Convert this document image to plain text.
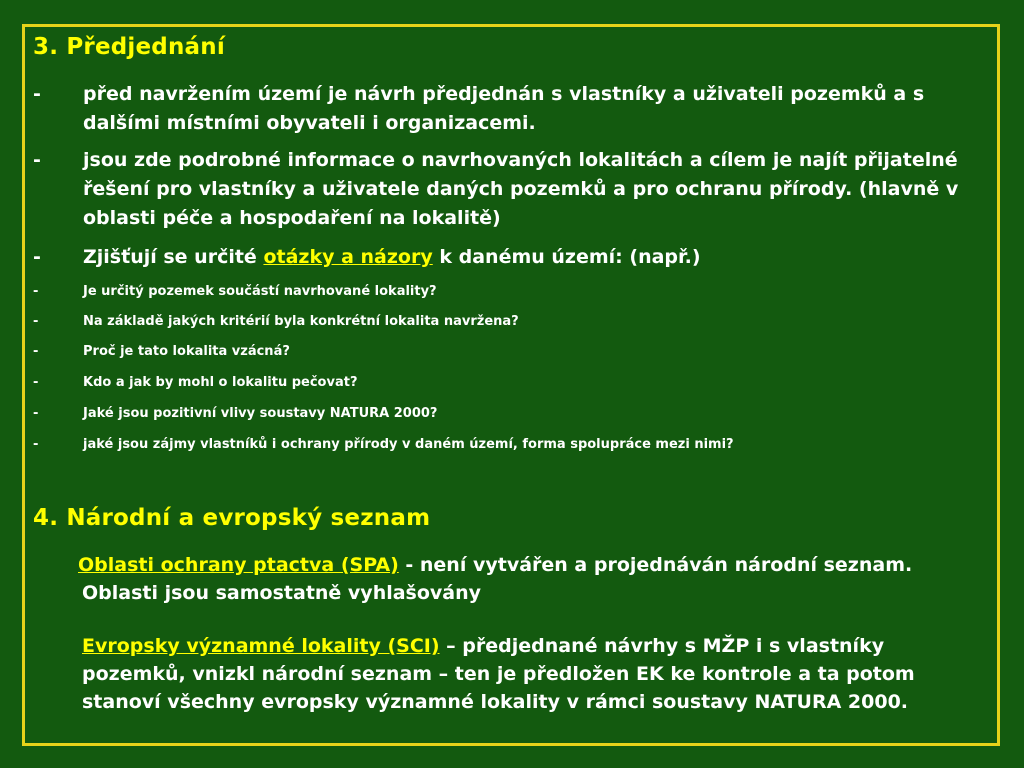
3. Předjednání
- před navržením území je návrh předjednán s vlastníky a uživateli pozemků a s dalšími místními obyvateli i organizacemi.
- jsou zde podrobné informace o navrhovaných lokalitách a cílem je najít přijatelné řešení pro vlastníky a uživatele daných pozemků a pro ochranu přírody. (hlavně v oblasti péče a hospodaření na lokalitě)
- Zjišťují se určité otázky a názory k danému území: (např.)
-	Je určitý pozemek součástí navrhované lokality?
-	Na základě jakých kritérií byla konkrétní lokalita navržena?
-	Proč je tato lokalita vzácná?
-	Kdo a jak by mohl o lokalitu pečovat?
-	Jaké jsou pozitivní vlivy soustavy NATURA 2000?
-	jaké jsou zájmy vlastníků i ochrany přírody v daném území, forma spolupráce mezi nimi?
4. Národní a evropský seznam
Oblasti ochrany ptactva (SPA) - není vytvářen a projednáván národní seznam. Oblasti jsou samostatně vyhlašovány
Evropsky významné lokality (SCI) – předjednané návrhy s MŽP i s vlastníky pozemků, vnizkl národní seznam – ten je předložen EK ke kontrole a ta potom stanoví všechny evropsky významné lokality v rámci soustavy NATURA 2000.
